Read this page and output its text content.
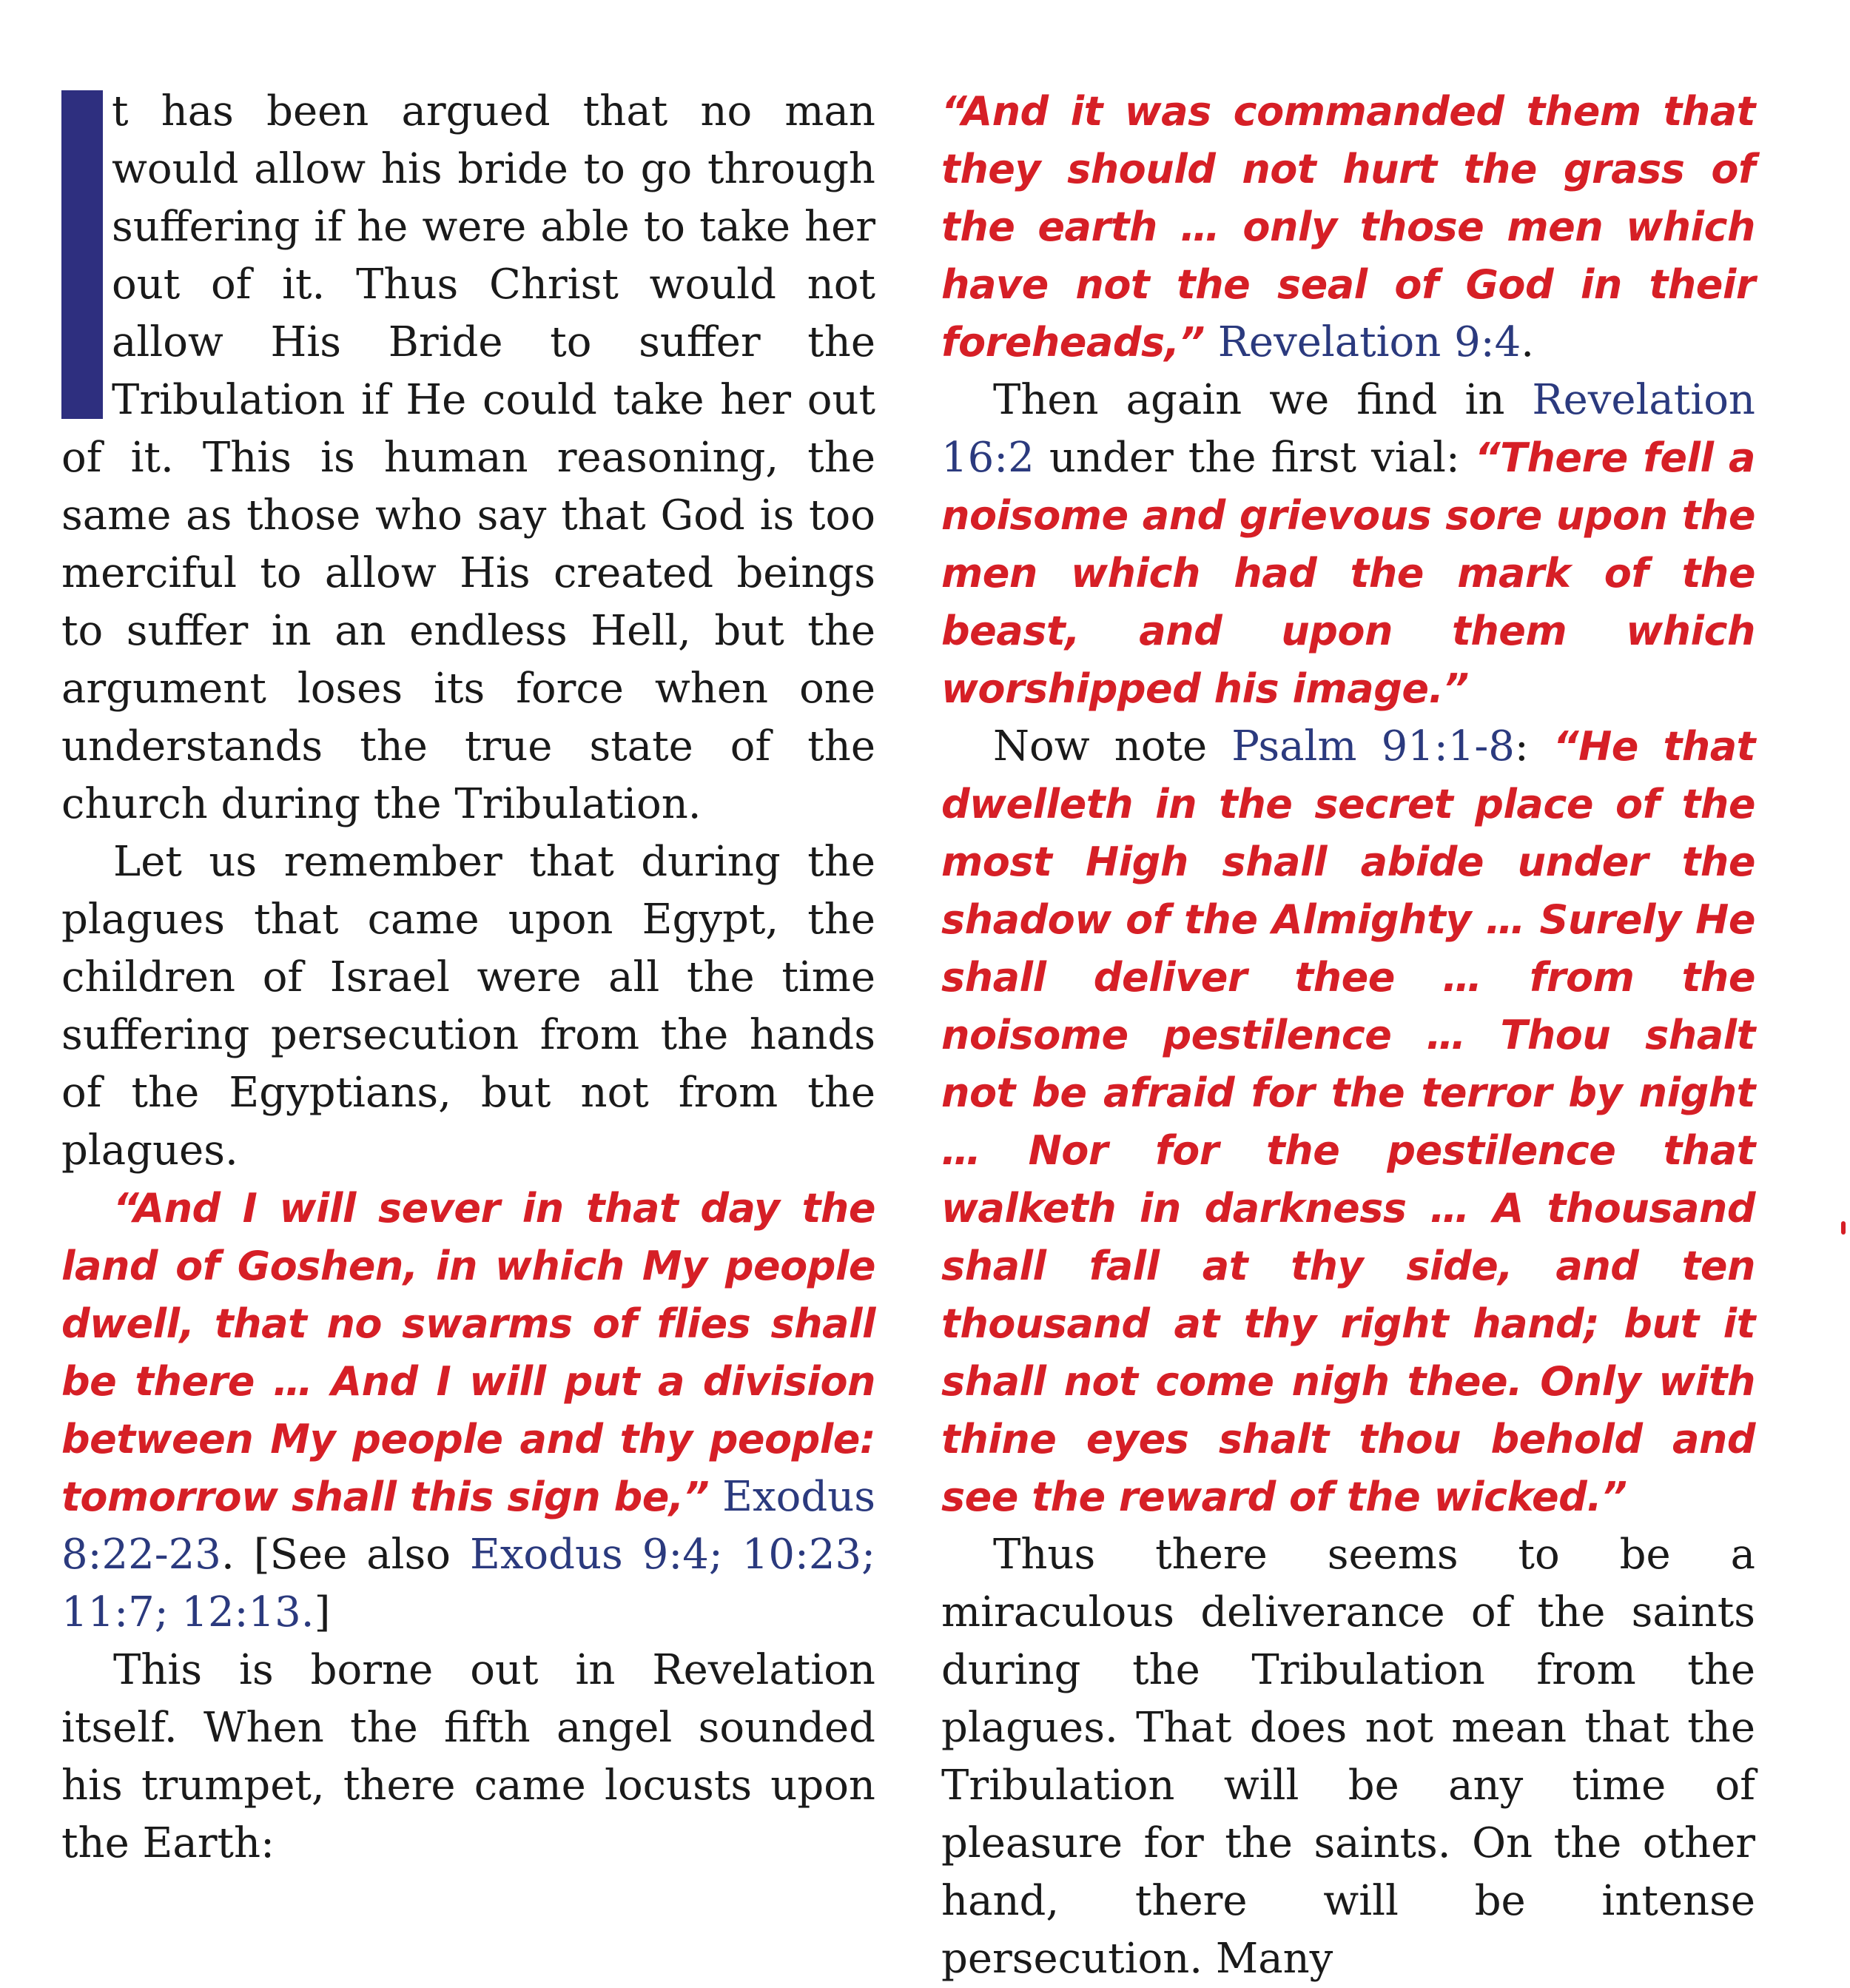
t has been argued that no man would allow his bride to go through suffering if he were able to take her out of it. Thus Christ would not allow His Bride to suffer the Tribulation if He could take her out of it. This is human reasoning, the same as those who say that God is too merciful to allow His created beings to suffer in an endless Hell, but the argument loses its force when one understands the true state of the church during the Tribulation.

Let us remember that during the plagues that came upon Egypt, the children of Israel were all the time suffering persecution from the hands of the Egyptians, but not from the plagues.

“And I will sever in that day the land of Goshen, in which My people dwell, that no swarms of flies shall be there … And I will put a division between My people and thy people: tomorrow shall this sign be,” Exodus 8:22-23. [See also Exodus 9:4; 10:23; 11:7; 12:13.]

This is borne out in Revelation itself. When the fifth angel sounded his trumpet, there came locusts upon the Earth:

“And it was commanded them that they should not hurt the grass of the earth … only those men which have not the seal of God in their foreheads,” Revelation 9:4.

Then again we find in Revelation 16:2 under the first vial: “There fell a noisome and grievous sore upon the men which had the mark of the beast, and upon them which worshipped his image.”

Now note Psalm 91:1-8: “He that dwelleth in the secret place of the most High shall abide under the shadow of the Almighty … Surely He shall deliver thee … from the noisome pestilence … Thou shalt not be afraid for the terror by night … Nor for the pestilence that walketh in darkness … A thousand shall fall at thy side, and ten thousand at thy right hand; but it shall not come nigh thee. Only with thine eyes shalt thou behold and see the reward of the wicked.”

Thus there seems to be a miraculous deliverance of the saints during the Tribulation from the plagues. That does not mean that the Tribulation will be any time of pleasure for the saints. On the other hand, there will be intense persecution. Many
